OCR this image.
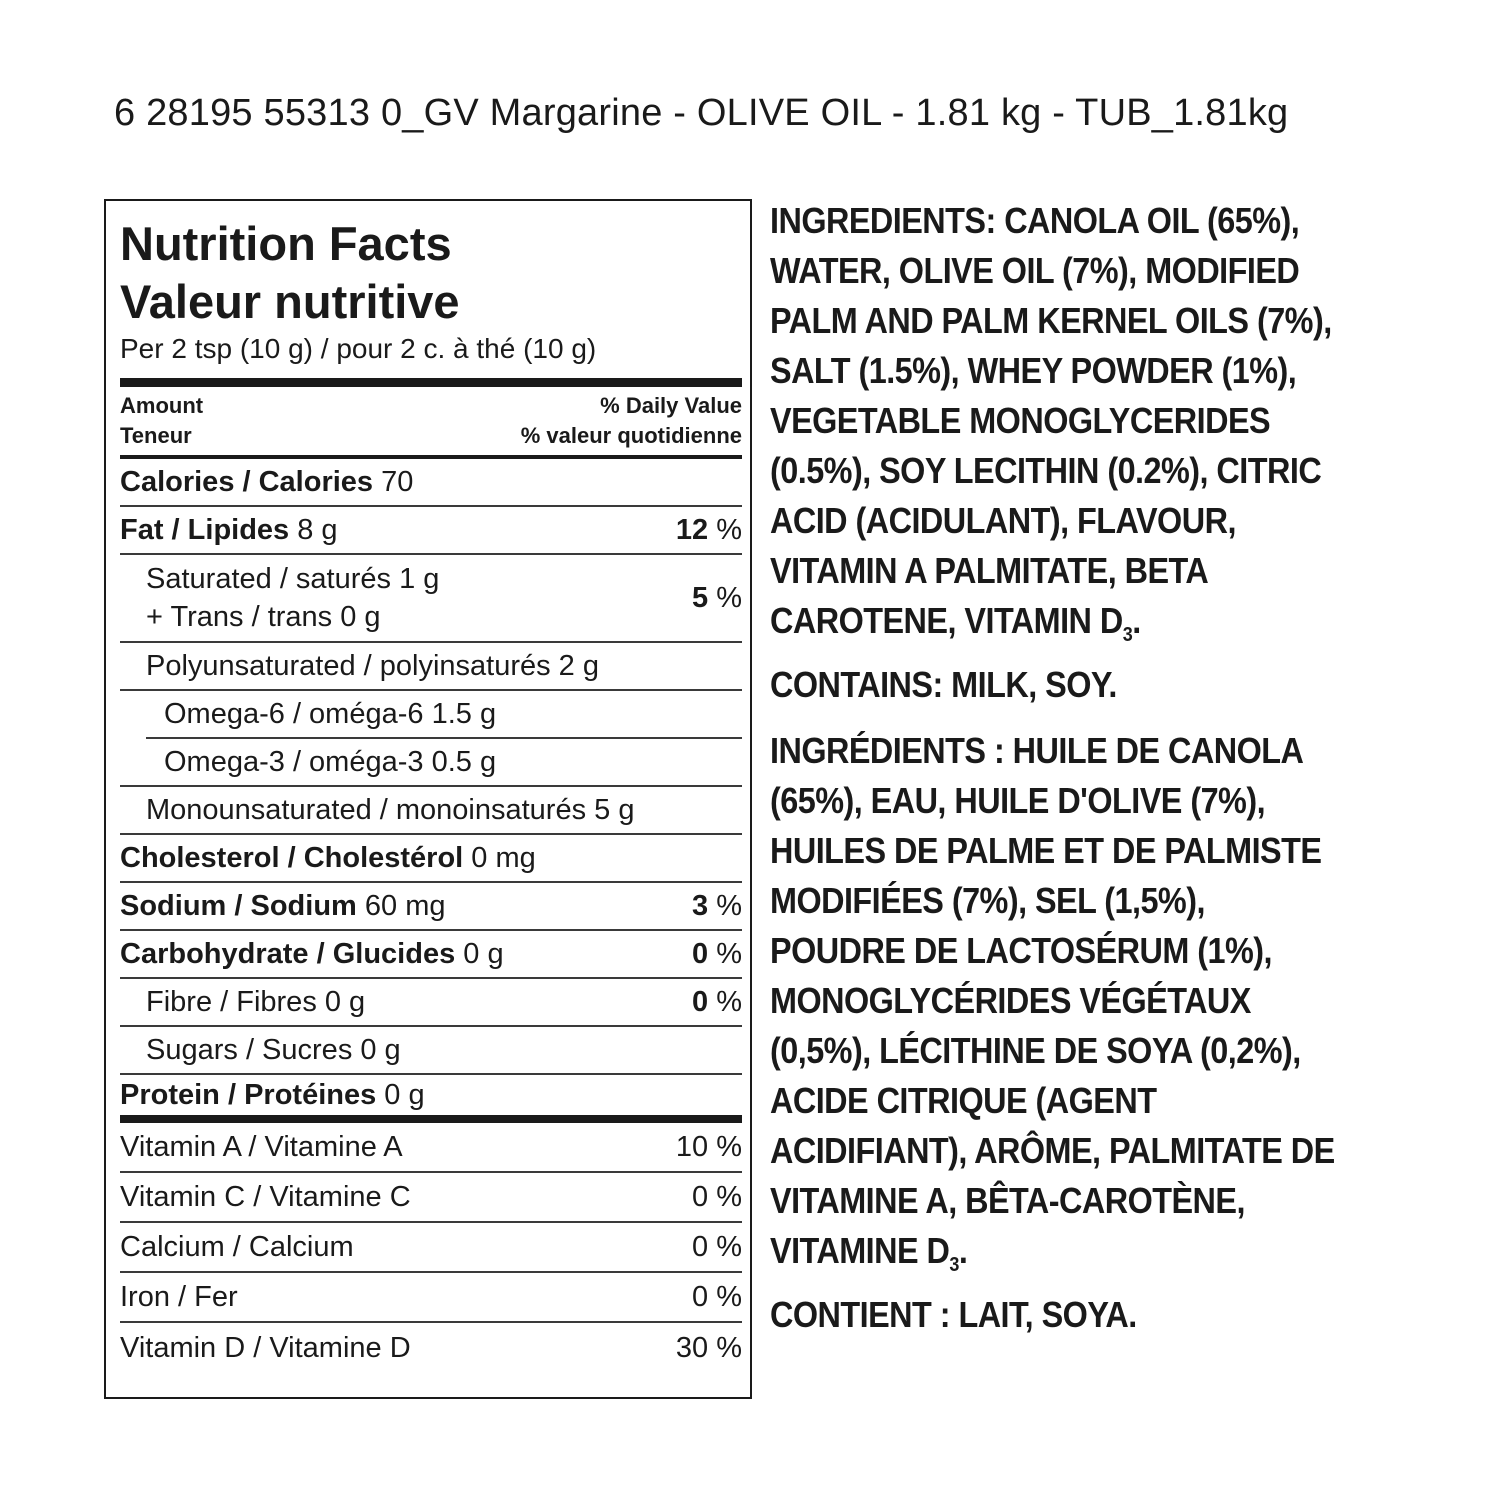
6 28195 55313 0_GV Margarine - OLIVE OIL - 1.81 kg - TUB_1.81kg
Nutrition Facts
Valeur nutritive
Per 2 tsp (10 g) / pour 2 c. à thé (10 g)
Amount
Teneur
% Daily Value
% valeur quotidienne
Calories / Calories 70
Fat / Lipides 8 g	12 %
Saturated / saturés 1 g
+ Trans / trans 0 g
5 %
Polyunsaturated / polyinsaturés 2 g
Omega-6 / oméga-6 1.5 g
Omega-3 / oméga-3 0.5 g
Monounsaturated / monoinsaturés 5 g
Cholesterol / Cholestérol 0 mg
Sodium / Sodium 60 mg	3 %
Carbohydrate / Glucides 0 g	0 %
Fibre / Fibres 0 g	0 %
Sugars / Sucres 0 g
Protein / Protéines 0 g
Vitamin A / Vitamine A	10 %
Vitamin C / Vitamine C	0 %
Calcium / Calcium	0 %
Iron / Fer	0 %
Vitamin D / Vitamine D	30 %

INGREDIENTS: CANOLA OIL (65%), WATER, OLIVE OIL (7%), MODIFIED PALM AND PALM KERNEL OILS (7%), SALT (1.5%), WHEY POWDER (1%), VEGETABLE MONOGLYCERIDES (0.5%), SOY LECITHIN (0.2%), CITRIC ACID (ACIDULANT), FLAVOUR, VITAMIN A PALMITATE, BETA CAROTENE, VITAMIN $D_3$.
CONTAINS: MILK, SOY.

INGRÉDIENTS : HUILE DE CANOLA (65%), EAU, HUILE D'OLIVE (7%), HUILES DE PALME ET DE PALMISTE MODIFIÉES (7%), SEL (1,5%), POUDRE DE LACTOSÉRUM (1%), MONOGLYCÉRIDES VÉGÉTAUX (0,5%), LÉCITHINE DE SOYA (0,2%), ACIDE CITRIQUE (AGENT ACIDIFIANT), ARÔME, PALMITATE DE VITAMINE A, BÊTA-CAROTÈNE, VITAMINE $D_3$.
CONTIENT : LAIT, SOYA.
